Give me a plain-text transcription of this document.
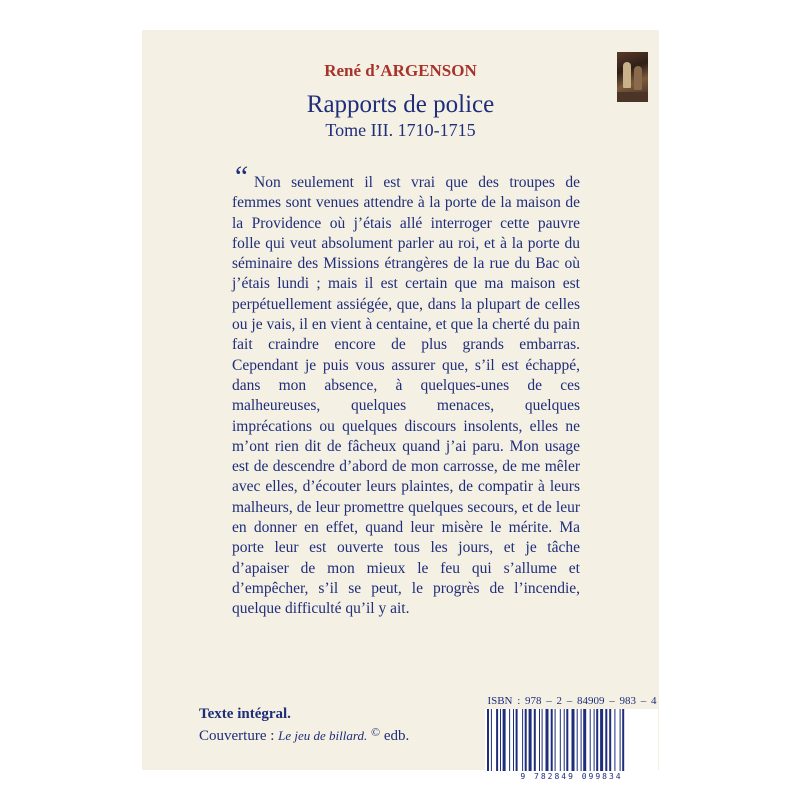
René d’ARGENSON
Rapports de police
Tome III. 1710-1715
“ Non seulement il est vrai que des troupes de femmes sont venues attendre à la porte de la maison de la Providence où j’étais allé interroger cette pauvre folle qui veut absolument parler au roi, et à la porte du séminaire des Missions étrangères de la rue du Bac où j’étais lundi ; mais il est certain que ma maison est perpétuellement assiégée, que, dans la plupart de celles ou je vais, il en vient à centaine, et que la cherté du pain fait craindre encore de plus grands embarras. Cependant je puis vous assurer que, s’il est échappé, dans mon absence, à quelques-unes de ces malheureuses, quelques menaces, quelques imprécations ou quelques discours insolents, elles ne m’ont rien dit de fâcheux quand j’ai paru. Mon usage est de descendre d’abord de mon carrosse, de me mêler avec elles, d’écouter leurs plaintes, de compatir à leurs malheurs, de leur promettre quelques secours, et de leur en donner en effet, quand leur misère le mérite. Ma porte leur est ouverte tous les jours, et je tâche d’apaiser de mon mieux le feu qui s’allume et d’empêcher, s’il se peut, le progrès de l’incendie, quelque difficulté qu’il y ait.
Texte intégral.
Couverture : Le jeu de billard. © edb.
ISBN : 978 – 2 – 84909 – 983 – 4
9 782849 099834
